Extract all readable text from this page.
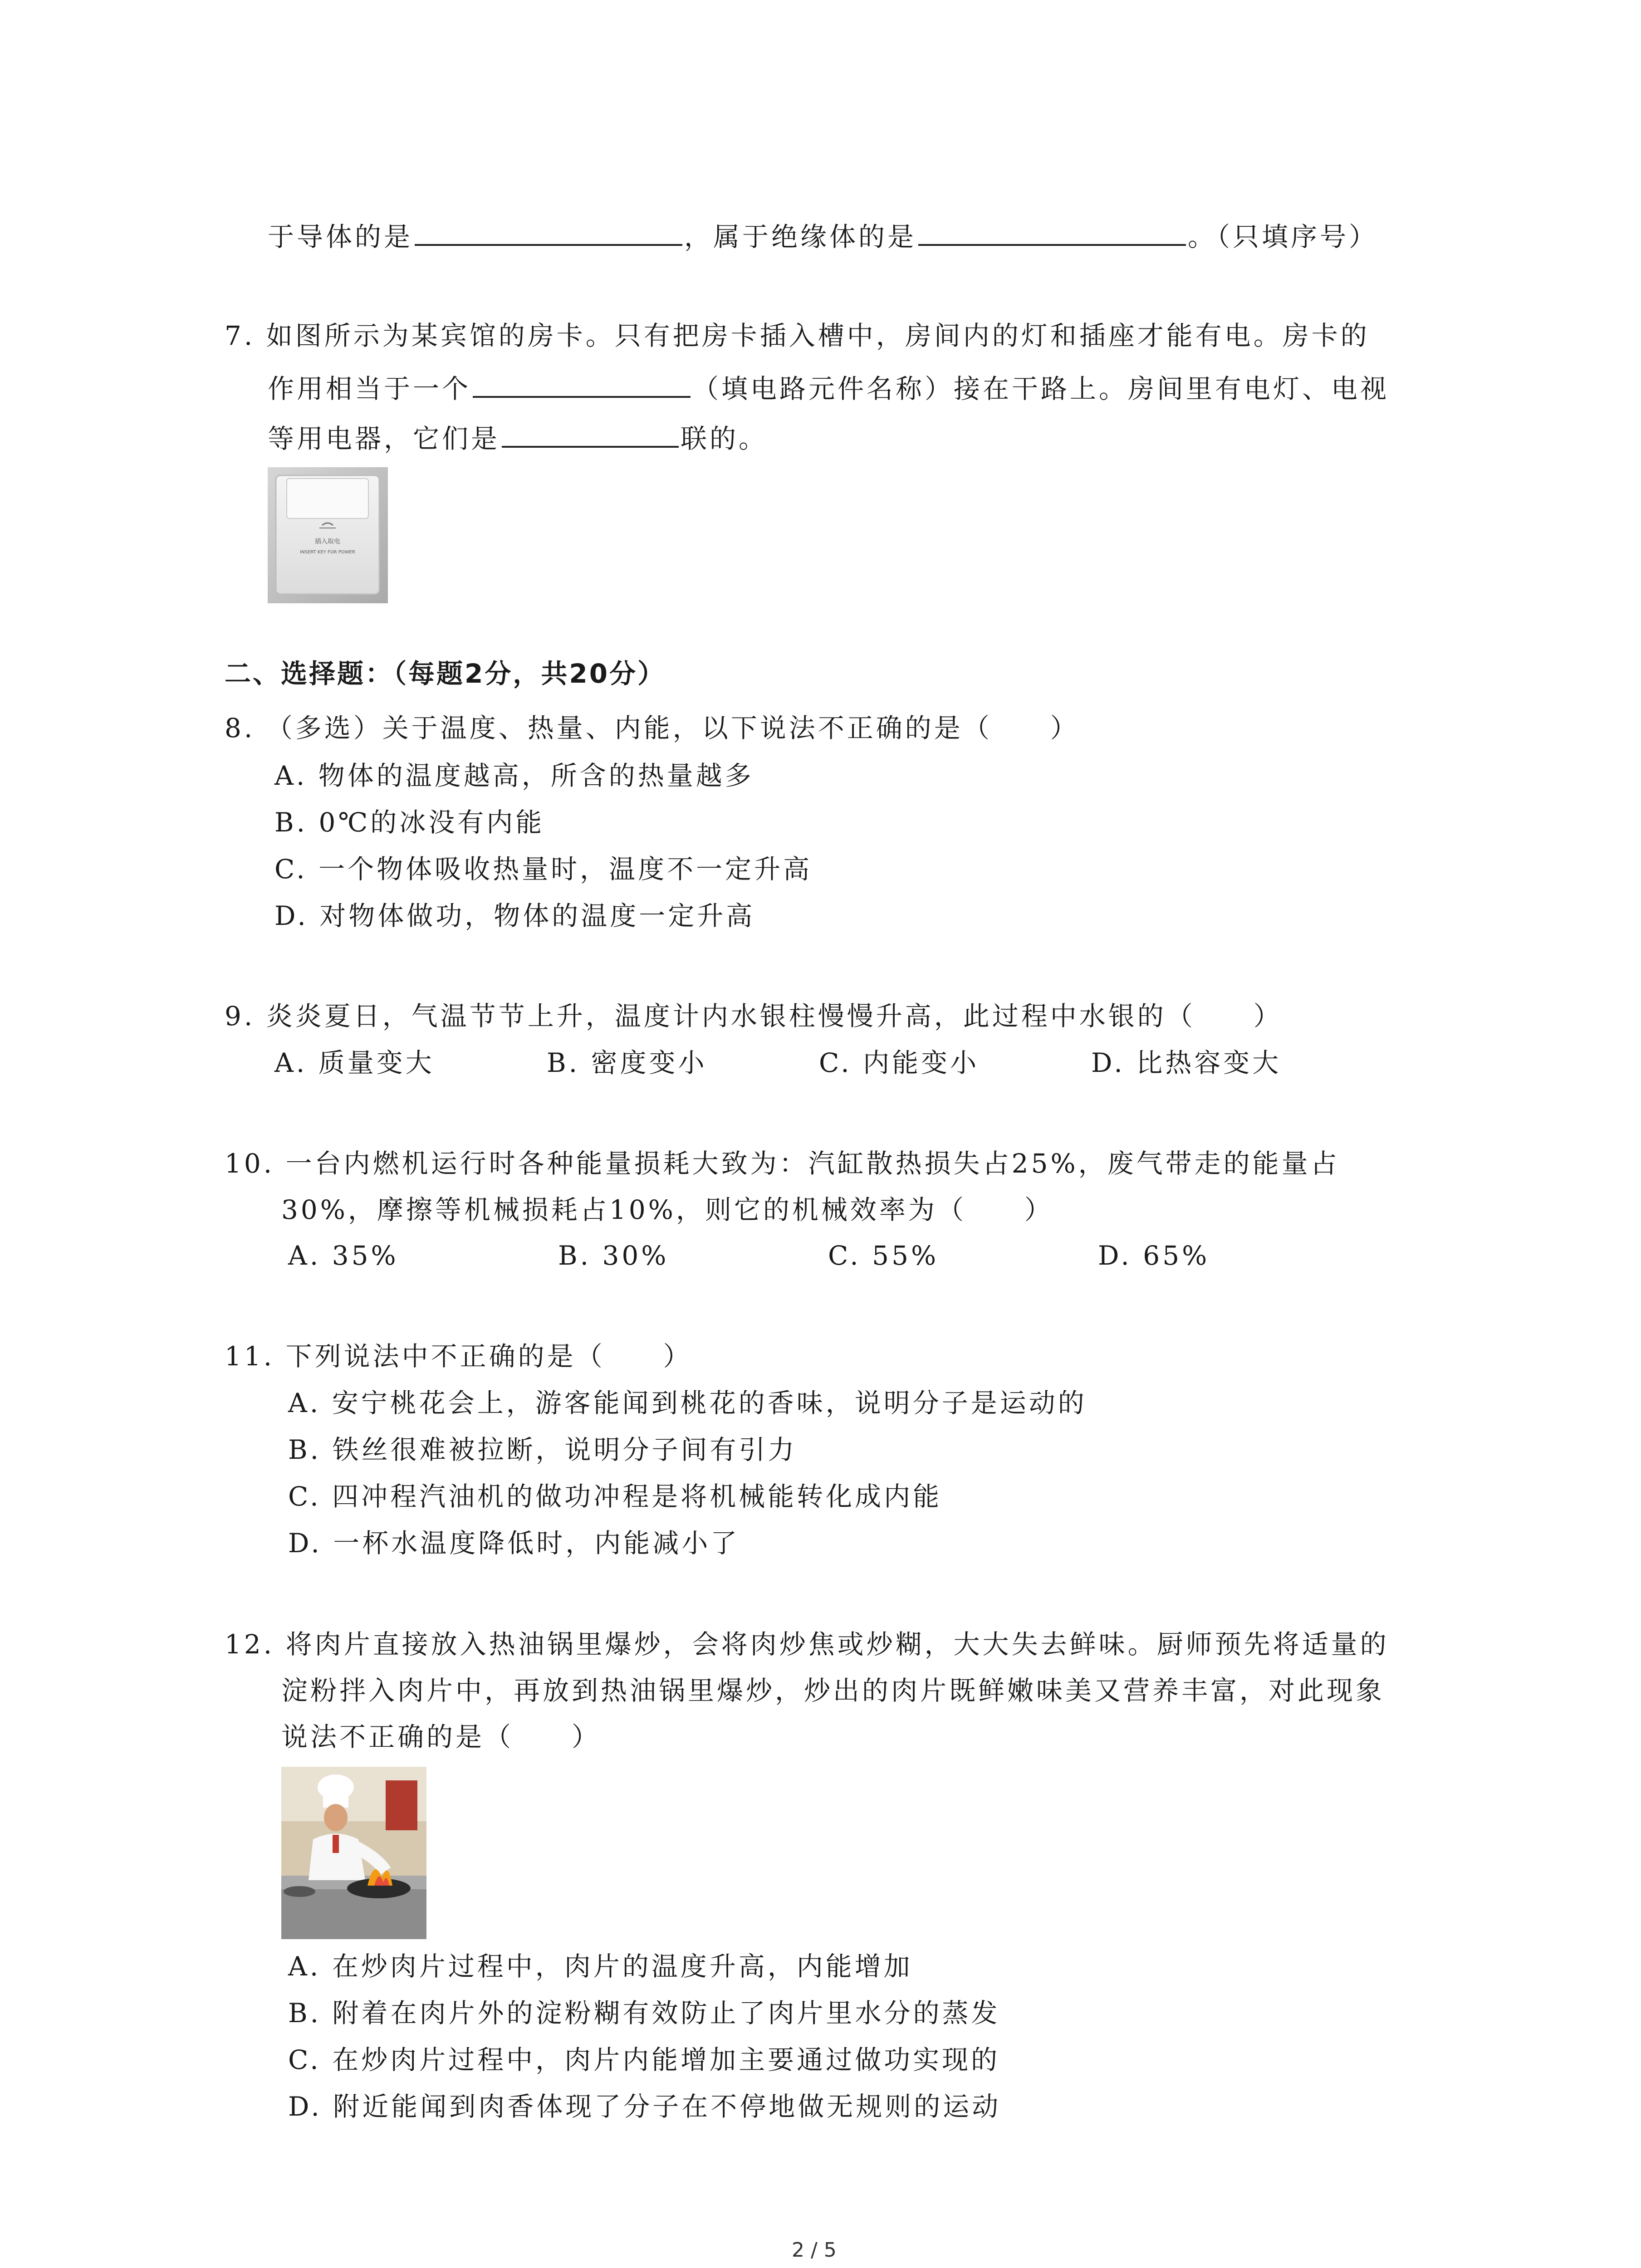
于导体的是	，属于绝缘体的是	。（只填序号）
7. 如图所示为某宾馆的房卡。只有把房卡插入槽中，房间内的灯和插座才能有电。房卡的
作用相当于一个	（填电路元件名称）接在干路上。房间里有电灯、电视
等用电器，它们是	联的。
插入取电
INSERT KEY FOR POWER
二、选择题：（每题2分，共20分）
8. （多选）关于温度、热量、内能，以下说法不正确的是（　　）
A. 物体的温度越高，所含的热量越多
B. 0℃的冰没有内能
C. 一个物体吸收热量时，温度不一定升高
D. 对物体做功，物体的温度一定升高
9. 炎炎夏日，气温节节上升，温度计内水银柱慢慢升高，此过程中水银的（　　）
A. 质量变大	B. 密度变小	C. 内能变小	D. 比热容变大
10. 一台内燃机运行时各种能量损耗大致为：汽缸散热损失占25%，废气带走的能量占
30%，摩擦等机械损耗占10%，则它的机械效率为（　　）
A. 35%	B. 30%	C. 55%	D. 65%
11. 下列说法中不正确的是（　　）
A. 安宁桃花会上，游客能闻到桃花的香味，说明分子是运动的
B. 铁丝很难被拉断，说明分子间有引力
C. 四冲程汽油机的做功冲程是将机械能转化成内能
D. 一杯水温度降低时，内能减小了
12. 将肉片直接放入热油锅里爆炒，会将肉炒焦或炒糊，大大失去鲜味。厨师预先将适量的
淀粉拌入肉片中，再放到热油锅里爆炒，炒出的肉片既鲜嫩味美又营养丰富，对此现象
说法不正确的是（　　）
A. 在炒肉片过程中，肉片的温度升高，内能增加
B. 附着在肉片外的淀粉糊有效防止了肉片里水分的蒸发
C. 在炒肉片过程中，肉片内能增加主要通过做功实现的
D. 附近能闻到肉香体现了分子在不停地做无规则的运动
2 / 5
